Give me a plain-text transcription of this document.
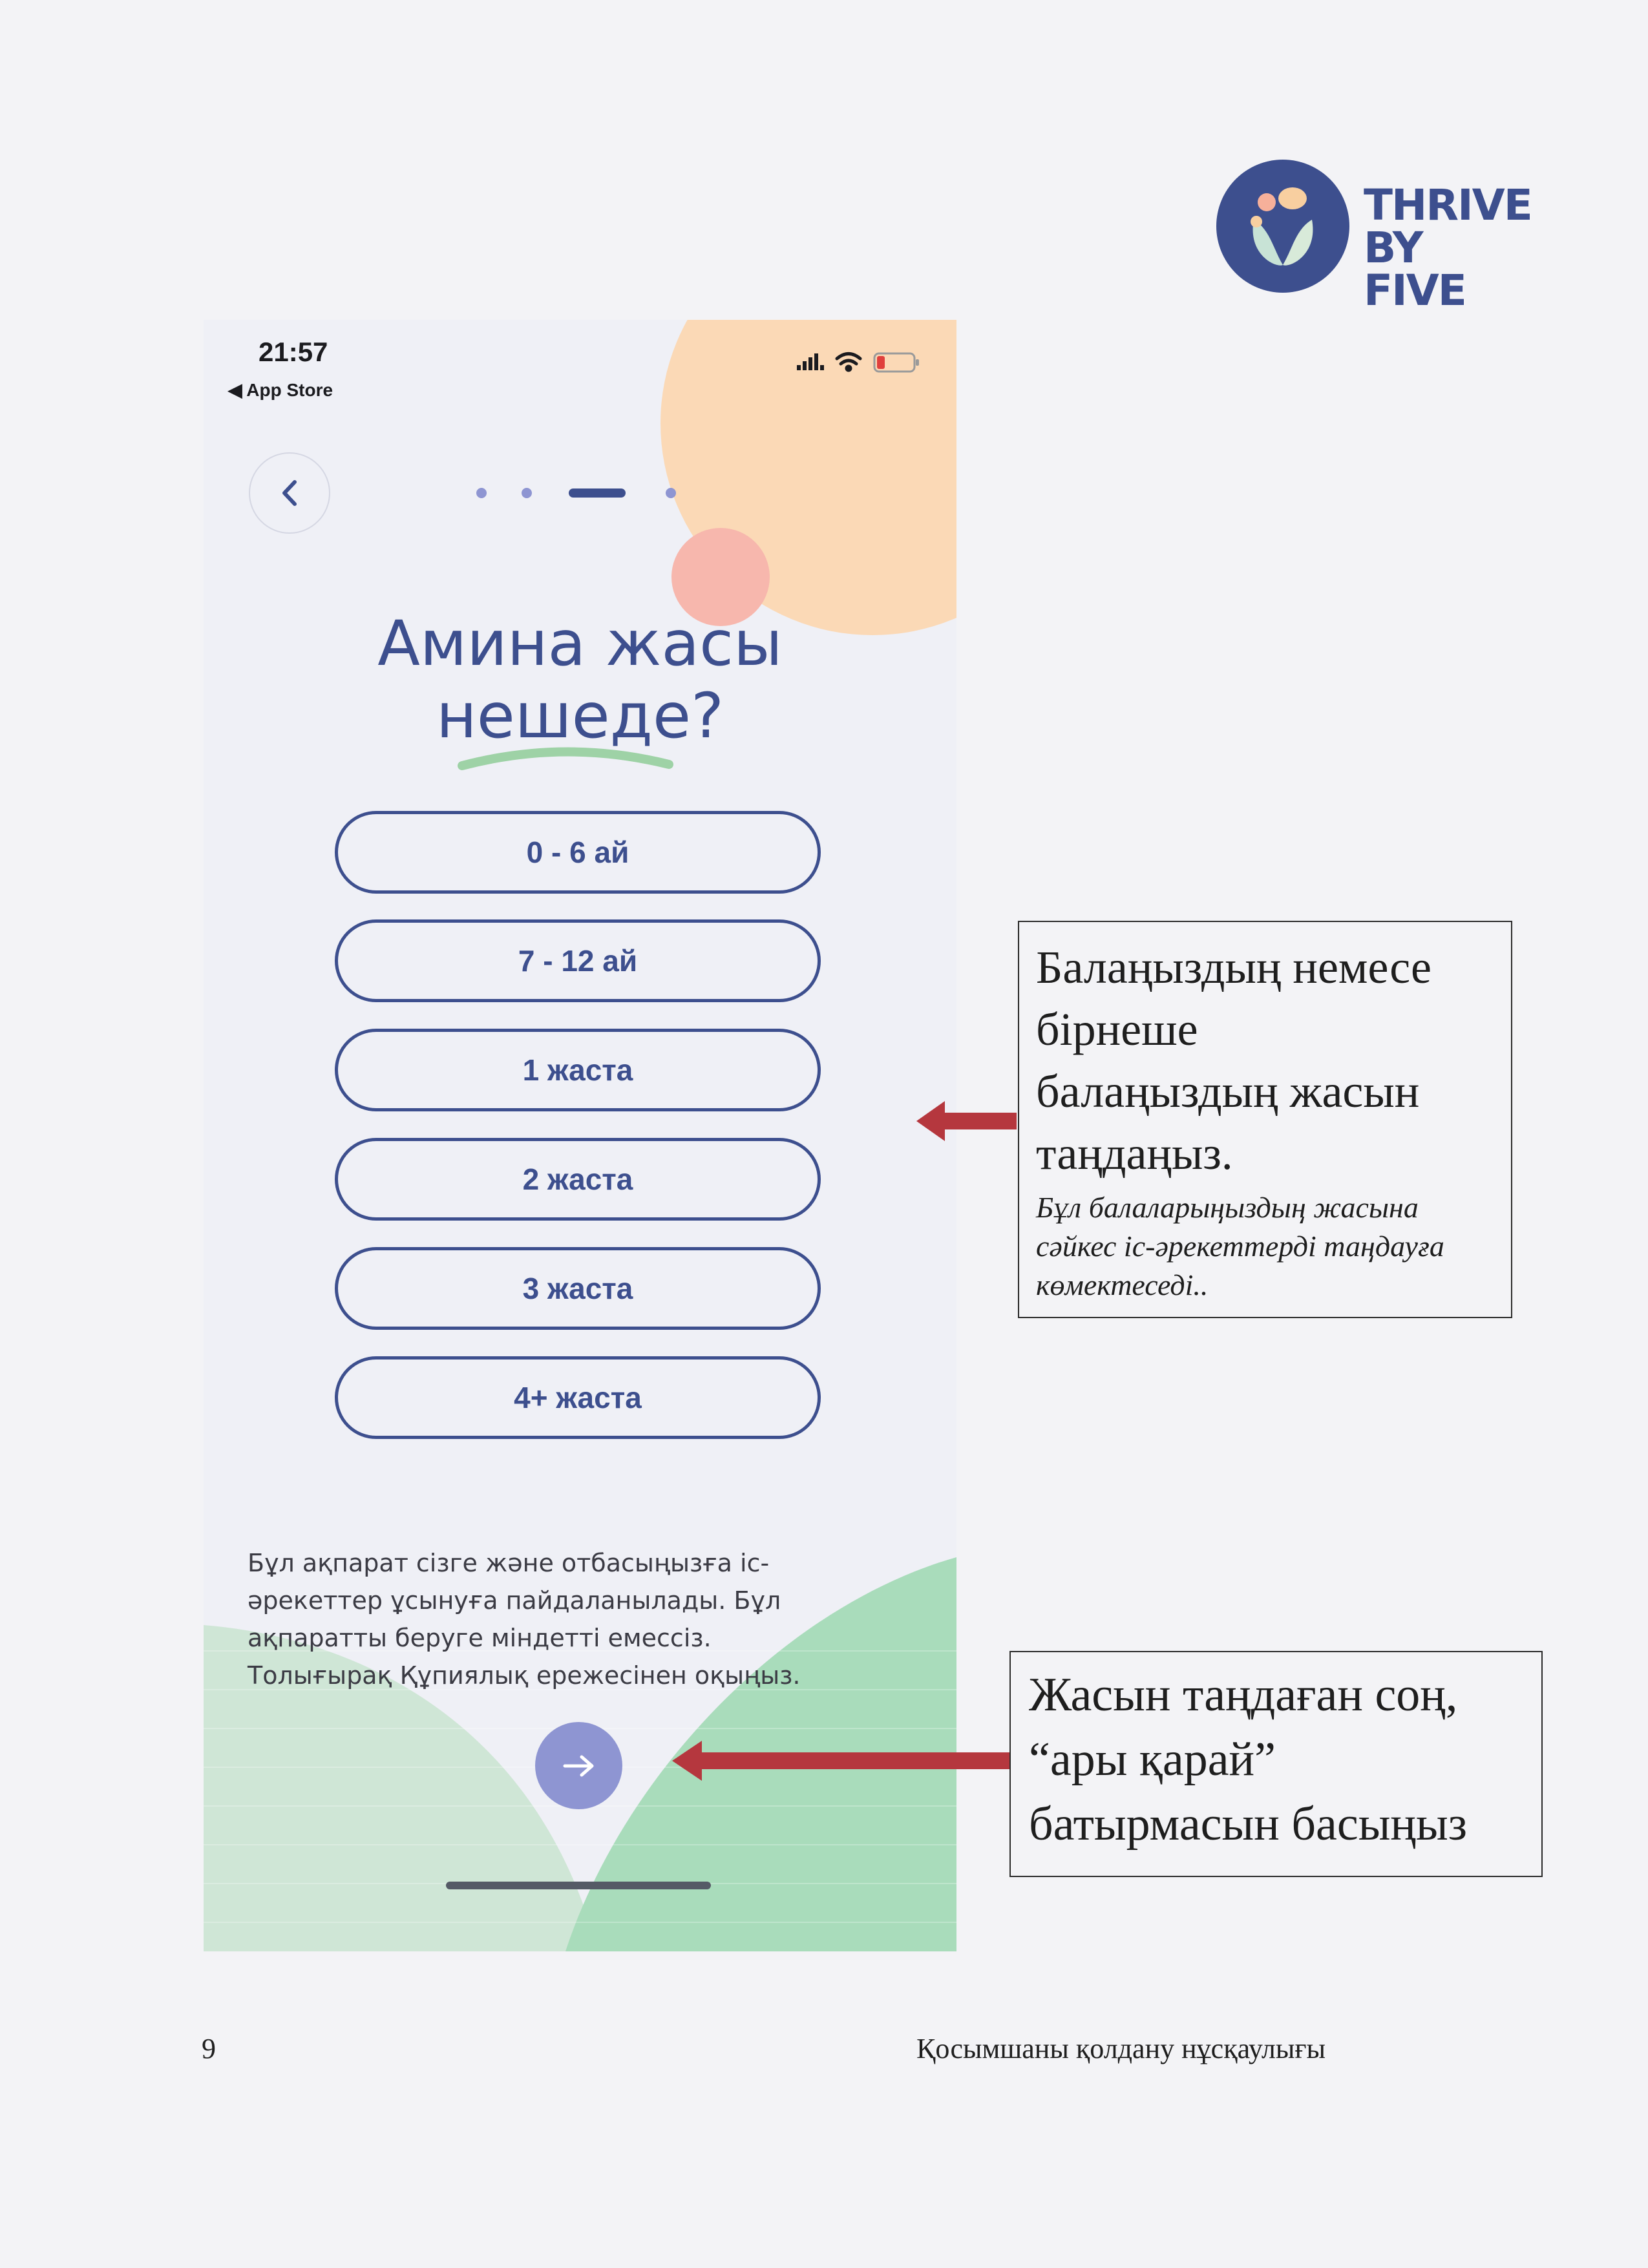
THRIVE
BY FIVE
21:57
◀ App Store
Амина жасы
нешеде?
0 - 6 ай
7 - 12 ай
1 жаста
2 жаста
3 жаста
4+ жаста
Бұл ақпарат сізге және отбасыңызға іс-
әрекеттер ұсынуға пайдаланылады. Бұл
ақпаратты беруге міндетті емессіз.
Толығырақ Құпиялық ережесінен оқыңыз.
Балаңыздың немесе
бірнеше
балаңыздың жасын
таңдаңыз.
Бұл балаларыңыздың жасына
сәйкес іс-әрекеттерді таңдауға
көмектеседі..
Жасын таңдаған соң,
“ары қарай”
батырмасын басыңыз
9	Қосымшаны қолдану нұсқаулығы
